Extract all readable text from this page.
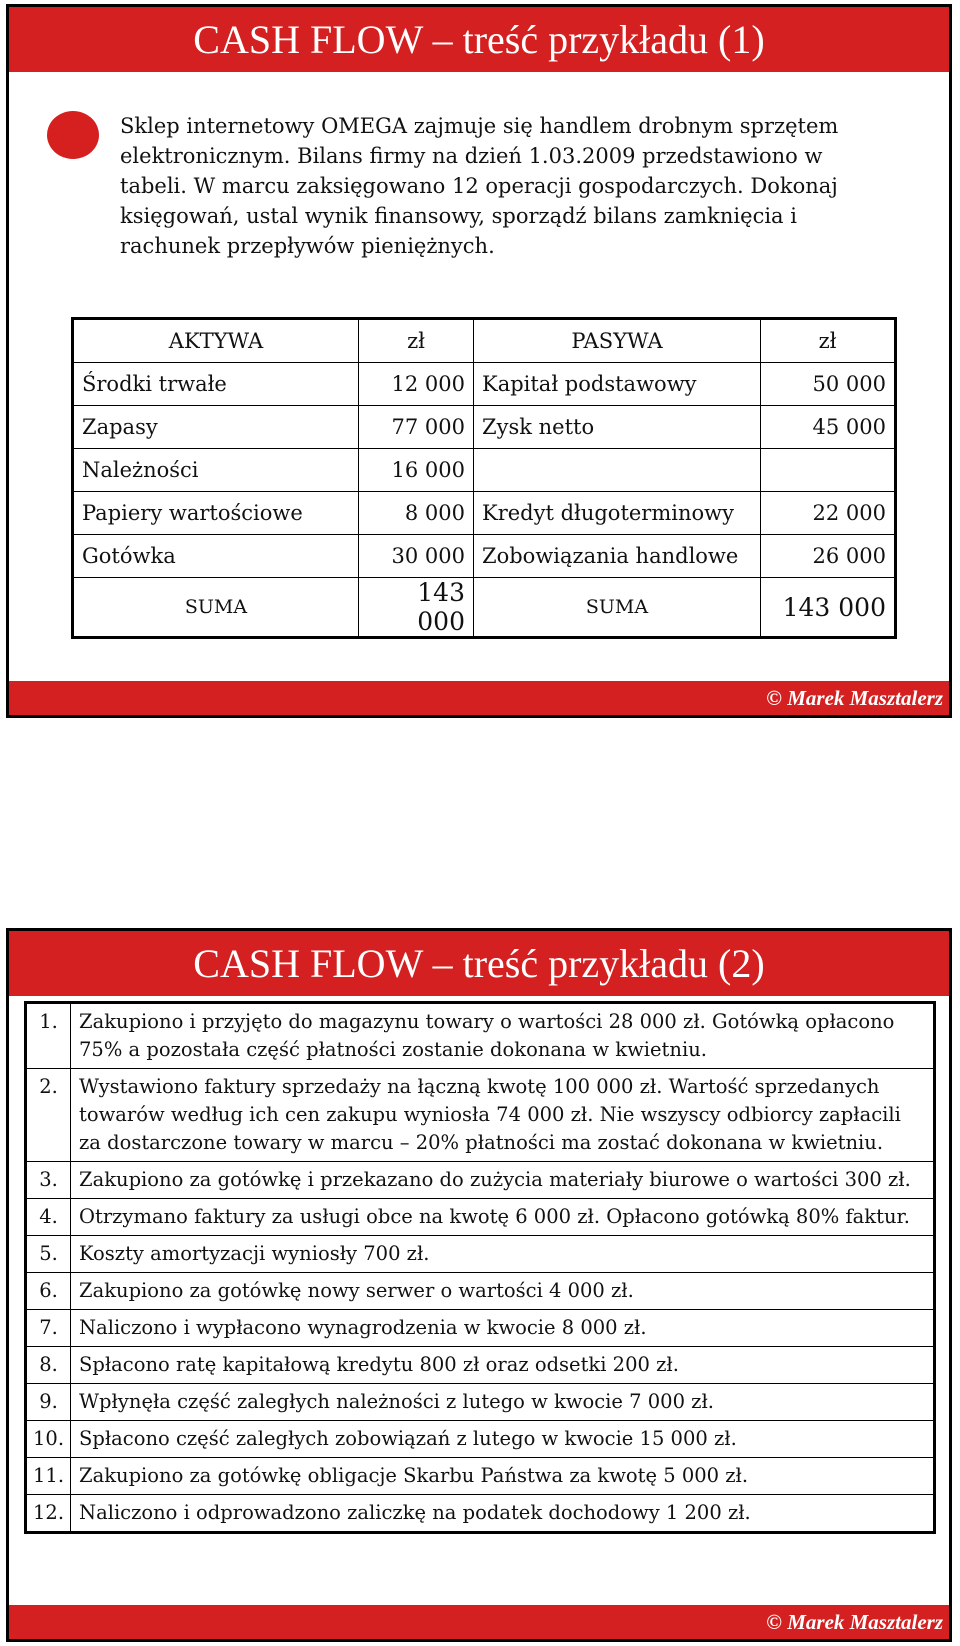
CASH FLOW – treść przykładu (1)
Sklep internetowy OMEGA zajmuje się handlem drobnym sprzętem elektronicznym. Bilans firmy na dzień 1.03.2009 przedstawiono w tabeli. W marcu zaksięgowano 12 operacji gospodarczych. Dokonaj księgowań, ustal wynik finansowy, sporządź bilans zamknięcia i rachunek przepływów pieniężnych.
AKTYWA	zł	PASYWA	zł
Środki trwałe	12 000	Kapitał podstawowy	50 000
Zapasy	77 000	Zysk netto	45 000
Należności	16 000		
Papiery wartościowe	8 000	Kredyt długoterminowy	22 000
Gotówka	30 000	Zobowiązania handlowe	26 000
SUMA	143 000	SUMA	143 000
© Marek Masztalerz
CASH FLOW – treść przykładu (2)
1.	Zakupiono i przyjęto do magazynu towary o wartości 28 000 zł. Gotówką opłacono 75% a pozostała część płatności zostanie dokonana w kwietniu.
2.	Wystawiono faktury sprzedaży na łączną kwotę 100 000 zł. Wartość sprzedanych towarów według ich cen zakupu wyniosła 74 000 zł. Nie wszyscy odbiorcy zapłacili za dostarczone towary w marcu – 20% płatności ma zostać dokonana w kwietniu.
3.	Zakupiono za gotówkę i przekazano do zużycia materiały biurowe o wartości 300 zł.
4.	Otrzymano faktury za usługi obce na kwotę 6 000 zł. Opłacono gotówką 80% faktur.
5.	Koszty amortyzacji wyniosły 700 zł.
6.	Zakupiono za gotówkę nowy serwer o wartości 4 000 zł.
7.	Naliczono i wypłacono wynagrodzenia w kwocie 8 000 zł.
8.	Spłacono ratę kapitałową kredytu 800 zł oraz odsetki 200 zł.
9.	Wpłynęła część zaległych należności z lutego w kwocie 7 000 zł.
10.	Spłacono część zaległych zobowiązań z lutego w kwocie 15 000 zł.
11.	Zakupiono za gotówkę obligacje Skarbu Państwa za kwotę 5 000 zł.
12.	Naliczono i odprowadzono zaliczkę na podatek dochodowy 1 200 zł.
© Marek Masztalerz
